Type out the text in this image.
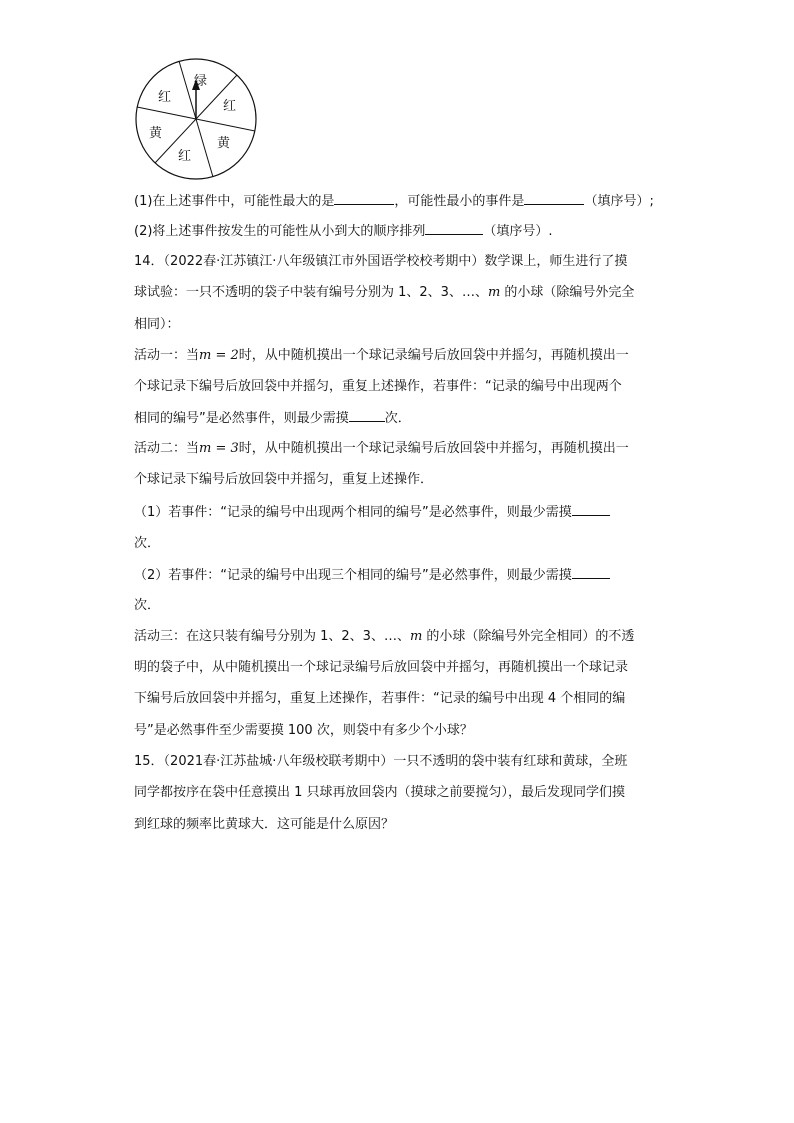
绿
红
黄
红
黄
红
(1)在上述事件中，可能性最大的是	，可能性最小的事件是	（填序号）;
(2)将上述事件按发生的可能性从小到大的顺序排列	（填序号）.
14．（2022春·江苏镇江·八年级镇江市外国语学校校考期中）数学课上，师生进行了摸
球试验：一只不透明的袋子中装有编号分别为 1、2、3、…、m 的小球（除编号外完全
相同）：
活动一：当m = 2时，从中随机摸出一个球记录编号后放回袋中并摇匀，再随机摸出一
个球记录下编号后放回袋中并摇匀，重复上述操作，若事件：“记录的编号中出现两个
相同的编号”是必然事件，则最少需摸	次．
活动二：当m = 3时，从中随机摸出一个球记录编号后放回袋中并摇匀，再随机摸出一
个球记录下编号后放回袋中并摇匀，重复上述操作．
（1）若事件：“记录的编号中出现两个相同的编号”是必然事件，则最少需摸
次．
（2）若事件：“记录的编号中出现三个相同的编号”是必然事件，则最少需摸
次．
活动三：在这只装有编号分别为 1、2、3、…、m 的小球（除编号外完全相同）的不透
明的袋子中，从中随机摸出一个球记录编号后放回袋中并摇匀，再随机摸出一个球记录
下编号后放回袋中并摇匀，重复上述操作，若事件：“记录的编号中出现 4 个相同的编
号”是必然事件至少需要摸 100 次，则袋中有多少个小球？
15．（2021春·江苏盐城·八年级校联考期中）一只不透明的袋中装有红球和黄球，全班
同学都按序在袋中任意摸出 1 只球再放回袋内（摸球之前要搅匀），最后发现同学们摸
到红球的频率比黄球大．这可能是什么原因？
